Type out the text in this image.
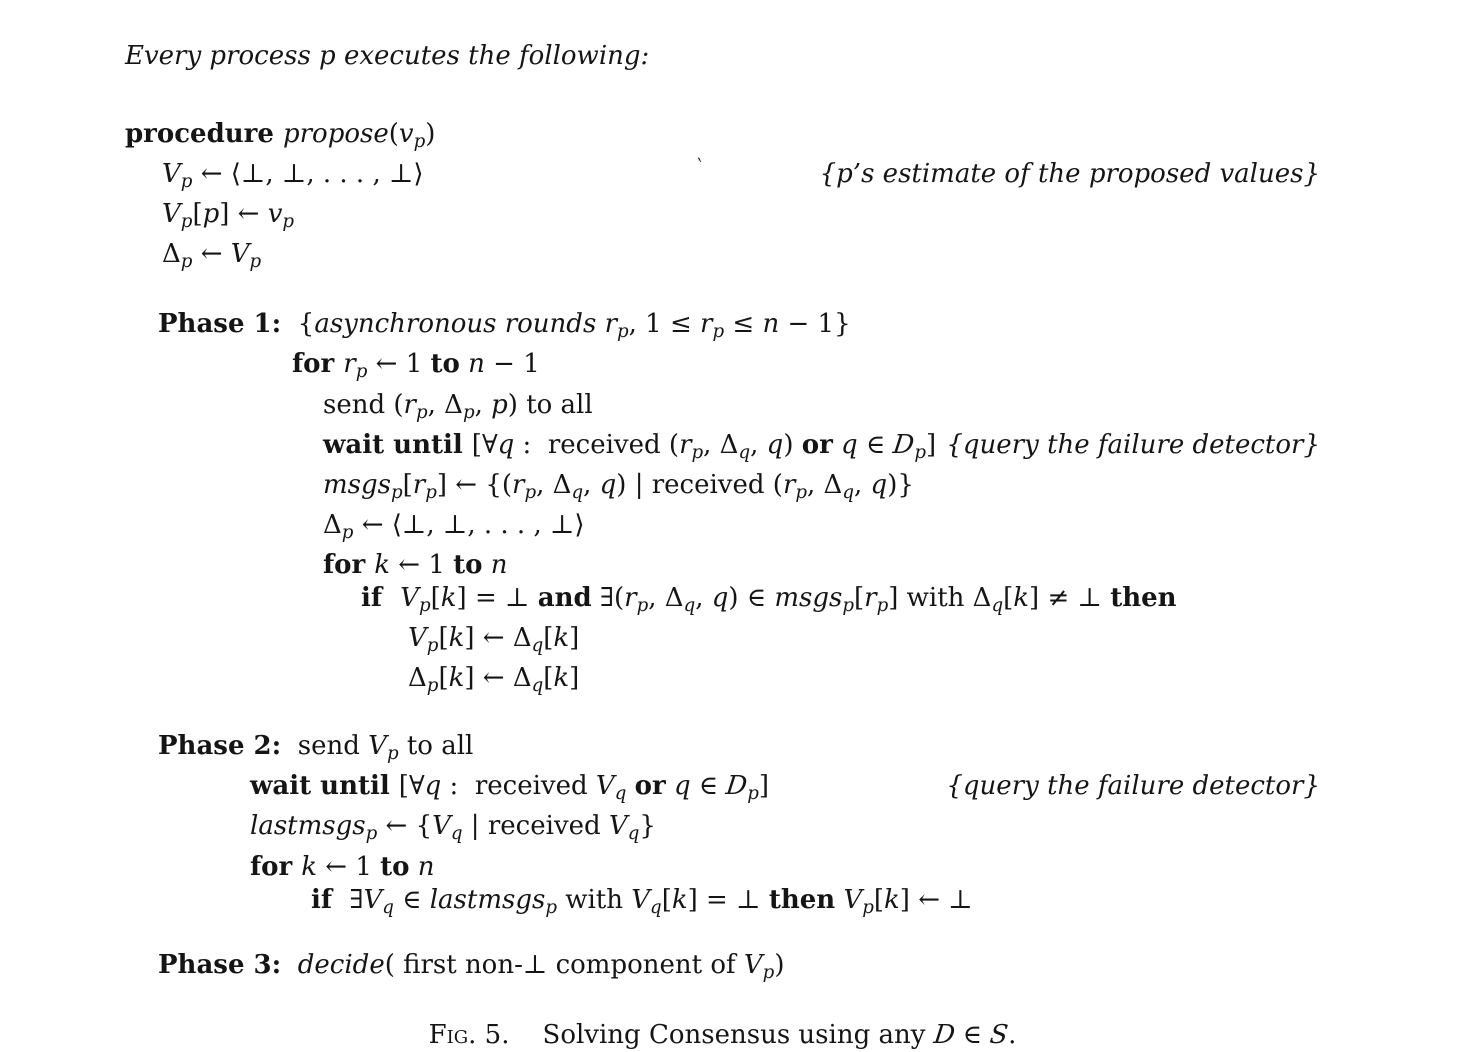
Every process p executes the following:
procedure propose(vp)
Vp ← ⟨⊥, ⊥, . . . , ⊥⟩	{p’s estimate of the proposed values}
Vp[p] ← vp
Δp ← Vp
Phase 1:  {asynchronous rounds rp, 1 ≤ rp ≤ n − 1}
for rp ← 1 to n − 1
send (rp, Δp, p) to all
wait until [∀q :  received (rp, Δq, q) or q ∈ Dp] {query the failure detector}
msgsp[rp] ← {(rp, Δq, q) | received (rp, Δq, q)}
Δp ← ⟨⊥, ⊥, . . . , ⊥⟩
for k ← 1 to n
if  Vp[k] = ⊥ and ∃(rp, Δq, q) ∈ msgsp[rp] with Δq[k] ≠ ⊥ then
Vp[k] ← Δq[k]
Δp[k] ← Δq[k]
Phase 2:  send Vp to all
wait until [∀q :  received Vq or q ∈ Dp]	{query the failure detector}
lastmsgsp ← {Vq | received Vq}
for k ← 1 to n
if  ∃Vq ∈ lastmsgsp with Vq[k] = ⊥ then Vp[k] ← ⊥
Phase 3: decide( first non-⊥ component of Vp)
Fig. 5.    Solving Consensus using any D ∈ S.
`
